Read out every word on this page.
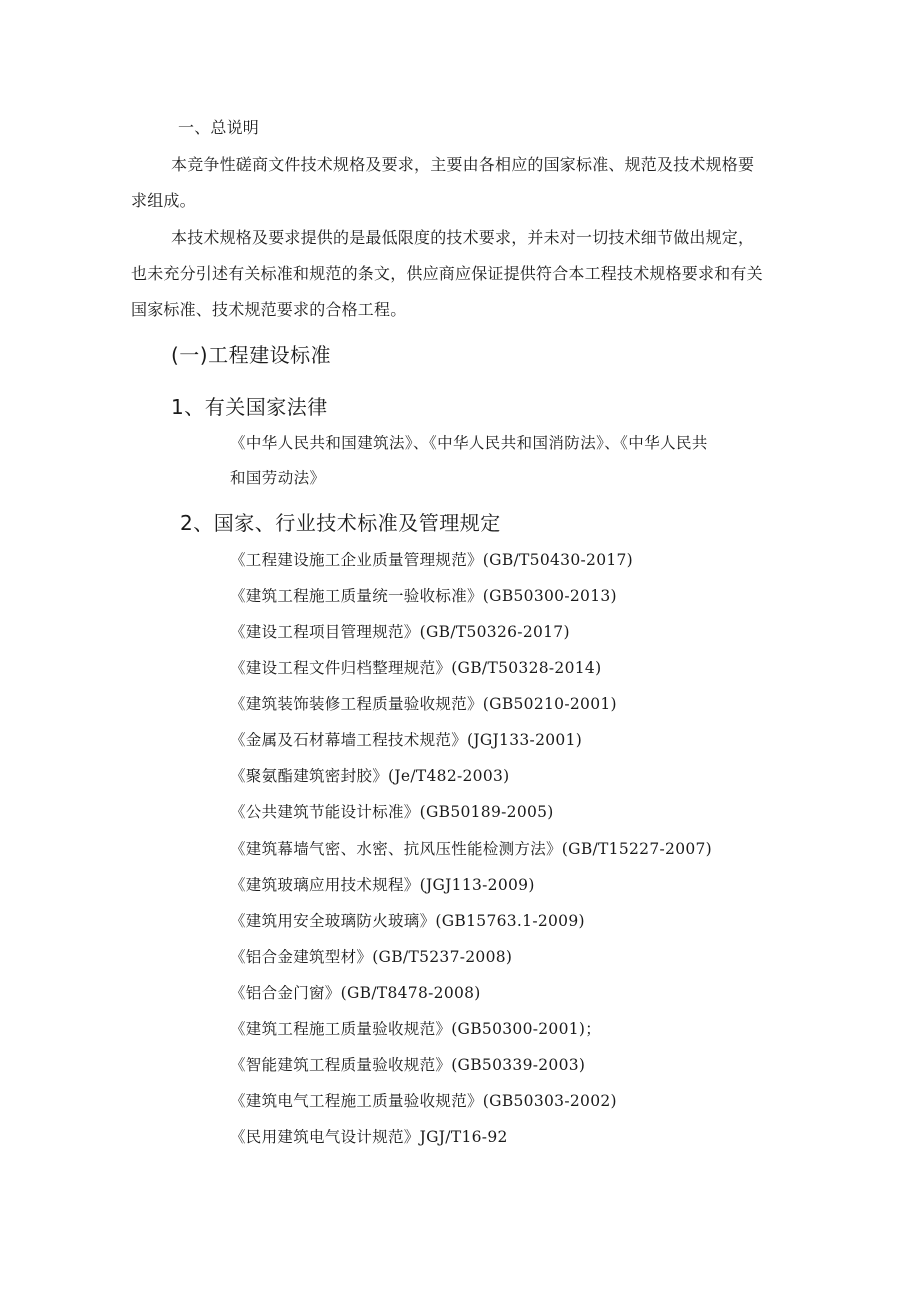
一、总说明
本竞争性磋商文件技术规格及要求，主要由各相应的国家标准、规范及技术规格要
求组成。
本技术规格及要求提供的是最低限度的技术要求，并未对一切技术细节做出规定，
也未充分引述有关标准和规范的条文，供应商应保证提供符合本工程技术规格要求和有关
国家标准、技术规范要求的合格工程。
(一)工程建设标准
1、有关国家法律
《中华人民共和国建筑法》、《中华人民共和国消防法》、《中华人民共
和国劳动法》
2、国家、行业技术标准及管理规定
《工程建设施工企业质量管理规范》(GB/T50430-2017)
《建筑工程施工质量统一验收标准》(GB50300-2013)
《建设工程项目管理规范》(GB/T50326-2017)
《建设工程文件归档整理规范》(GB/T50328-2014)
《建筑装饰装修工程质量验收规范》(GB50210-2001)
《金属及石材幕墙工程技术规范》(JGJ133-2001)
《聚氨酯建筑密封胶》(Je/T482-2003)
《公共建筑节能设计标准》(GB50189-2005)
《建筑幕墙气密、水密、抗风压性能检测方法》(GB/T15227-2007)
《建筑玻璃应用技术规程》(JGJ113-2009)
《建筑用安全玻璃防火玻璃》(GB15763.1-2009)
《铝合金建筑型材》(GB/T5237-2008)
《铝合金门窗》(GB/T8478-2008)
《建筑工程施工质量验收规范》(GB50300-2001)；
《智能建筑工程质量验收规范》(GB50339-2003)
《建筑电气工程施工质量验收规范》(GB50303-2002)
《民用建筑电气设计规范》JGJ/T16-92
